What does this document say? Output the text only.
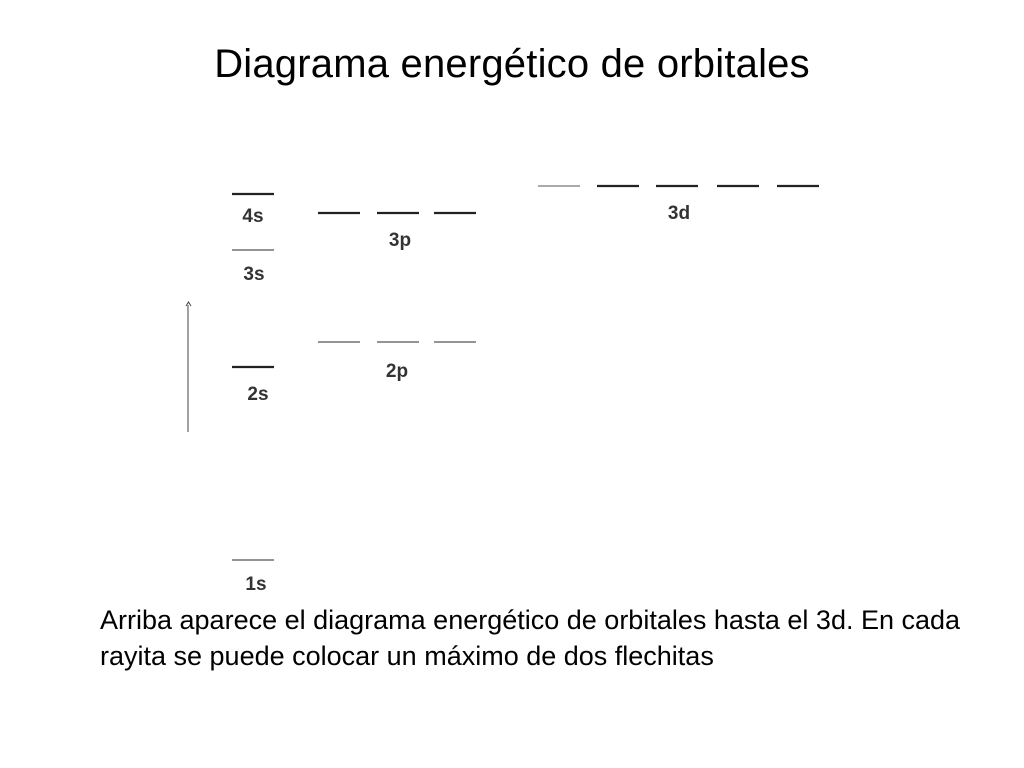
Diagrama energético de orbitales
1s
2s
2p
3s
3p
4s	3d

Arriba aparece el diagrama energético de orbitales hasta el 3d. En cada rayita se puede colocar un máximo de dos flechitas
